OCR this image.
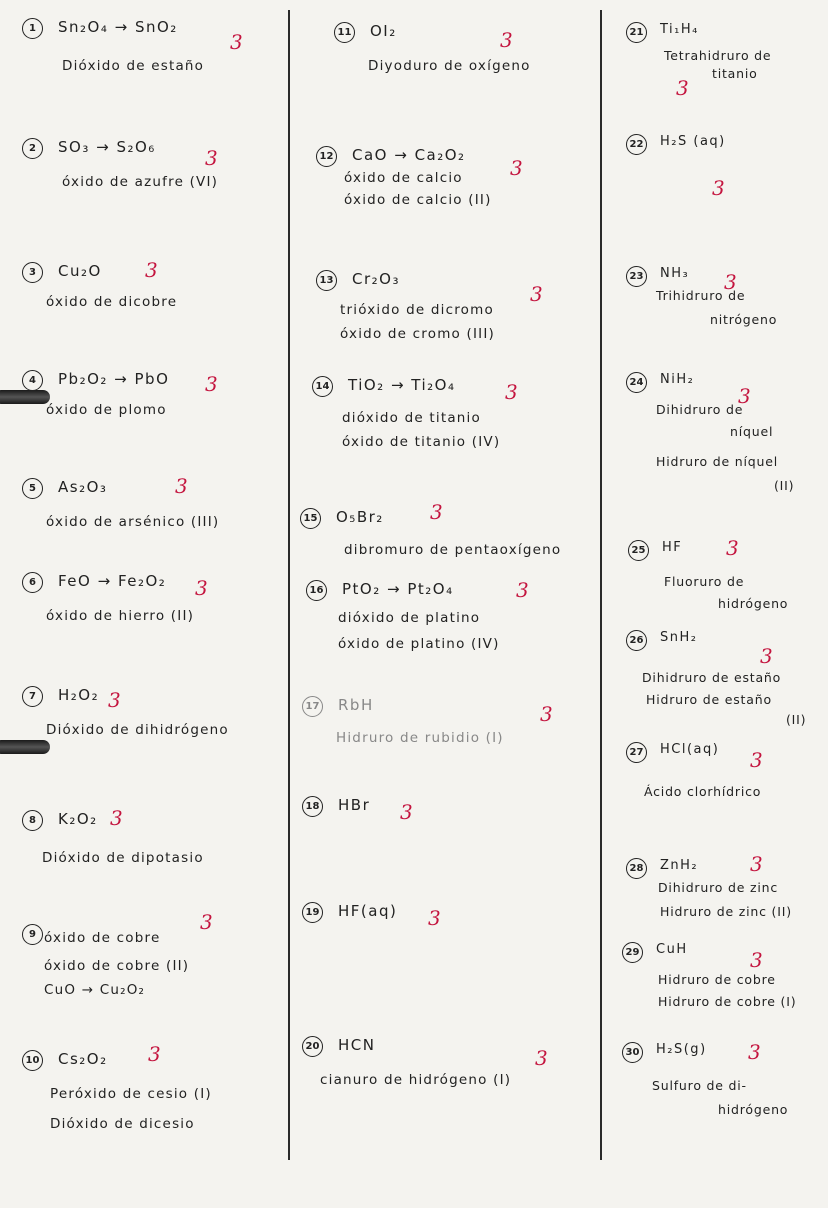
1	Sn₂O₄ → SnO₂
Dióxido de estaño
3
2	SO₃ → S₂O₆
óxido de azufre (VI)
3
3	Cu₂O
óxido de dicobre
3
4	Pb₂O₂ → PbO
óxido de plomo
3
5	As₂O₃
óxido de arsénico (III)
3
6	FeO → Fe₂O₂
óxido de hierro (II)
3
7	H₂O₂
Dióxido de dihidrógeno
3
8	K₂O₂
Dióxido de dipotasio
3
9 óxido de cobre
óxido de cobre (II)
CuO → Cu₂O₂
3
10 Cs₂O₂
Peróxido de cesio (I)
Dióxido de dicesio
3
11 OI₂
Diyoduro de oxígeno
3
12 CaO → Ca₂O₂
óxido de calcio
óxido de calcio (II)
3
13 Cr₂O₃
trióxido de dicromo
óxido de cromo (III)
3
14 TiO₂ → Ti₂O₄
dióxido de titanio
óxido de titanio (IV)
3
15 O₅Br₂
dibromuro de pentaoxígeno
3
16 PtO₂ → Pt₂O₄
dióxido de platino
óxido de platino (IV)
3
17 RbH
Hidruro de rubidio (I)
3
18 HBr 3
19 HF(aq) 3
20 HCN
cianuro de hidrógeno (I)
3
21 Ti₁H₄
Tetrahidruro de
titanio
3
22 H₂S (aq)
3
23 NH₃
Trihidruro de
nitrógeno
3
24 NiH₂
Dihidruro de
níquel
Hidruro de níquel
(II)
3
25 HF
Fluoruro de
hidrógeno
3
26 SnH₂
Dihidruro de estaño
Hidruro de estaño
(II)
3
27 HCl(aq)
Ácido clorhídrico
3
28 ZnH₂
Dihidruro de zinc
Hidruro de zinc (II)
3
29 CuH
Hidruro de cobre
Hidruro de cobre (I)
3
30 H₂S(g)
Sulfuro de di-
hidrógeno
3
